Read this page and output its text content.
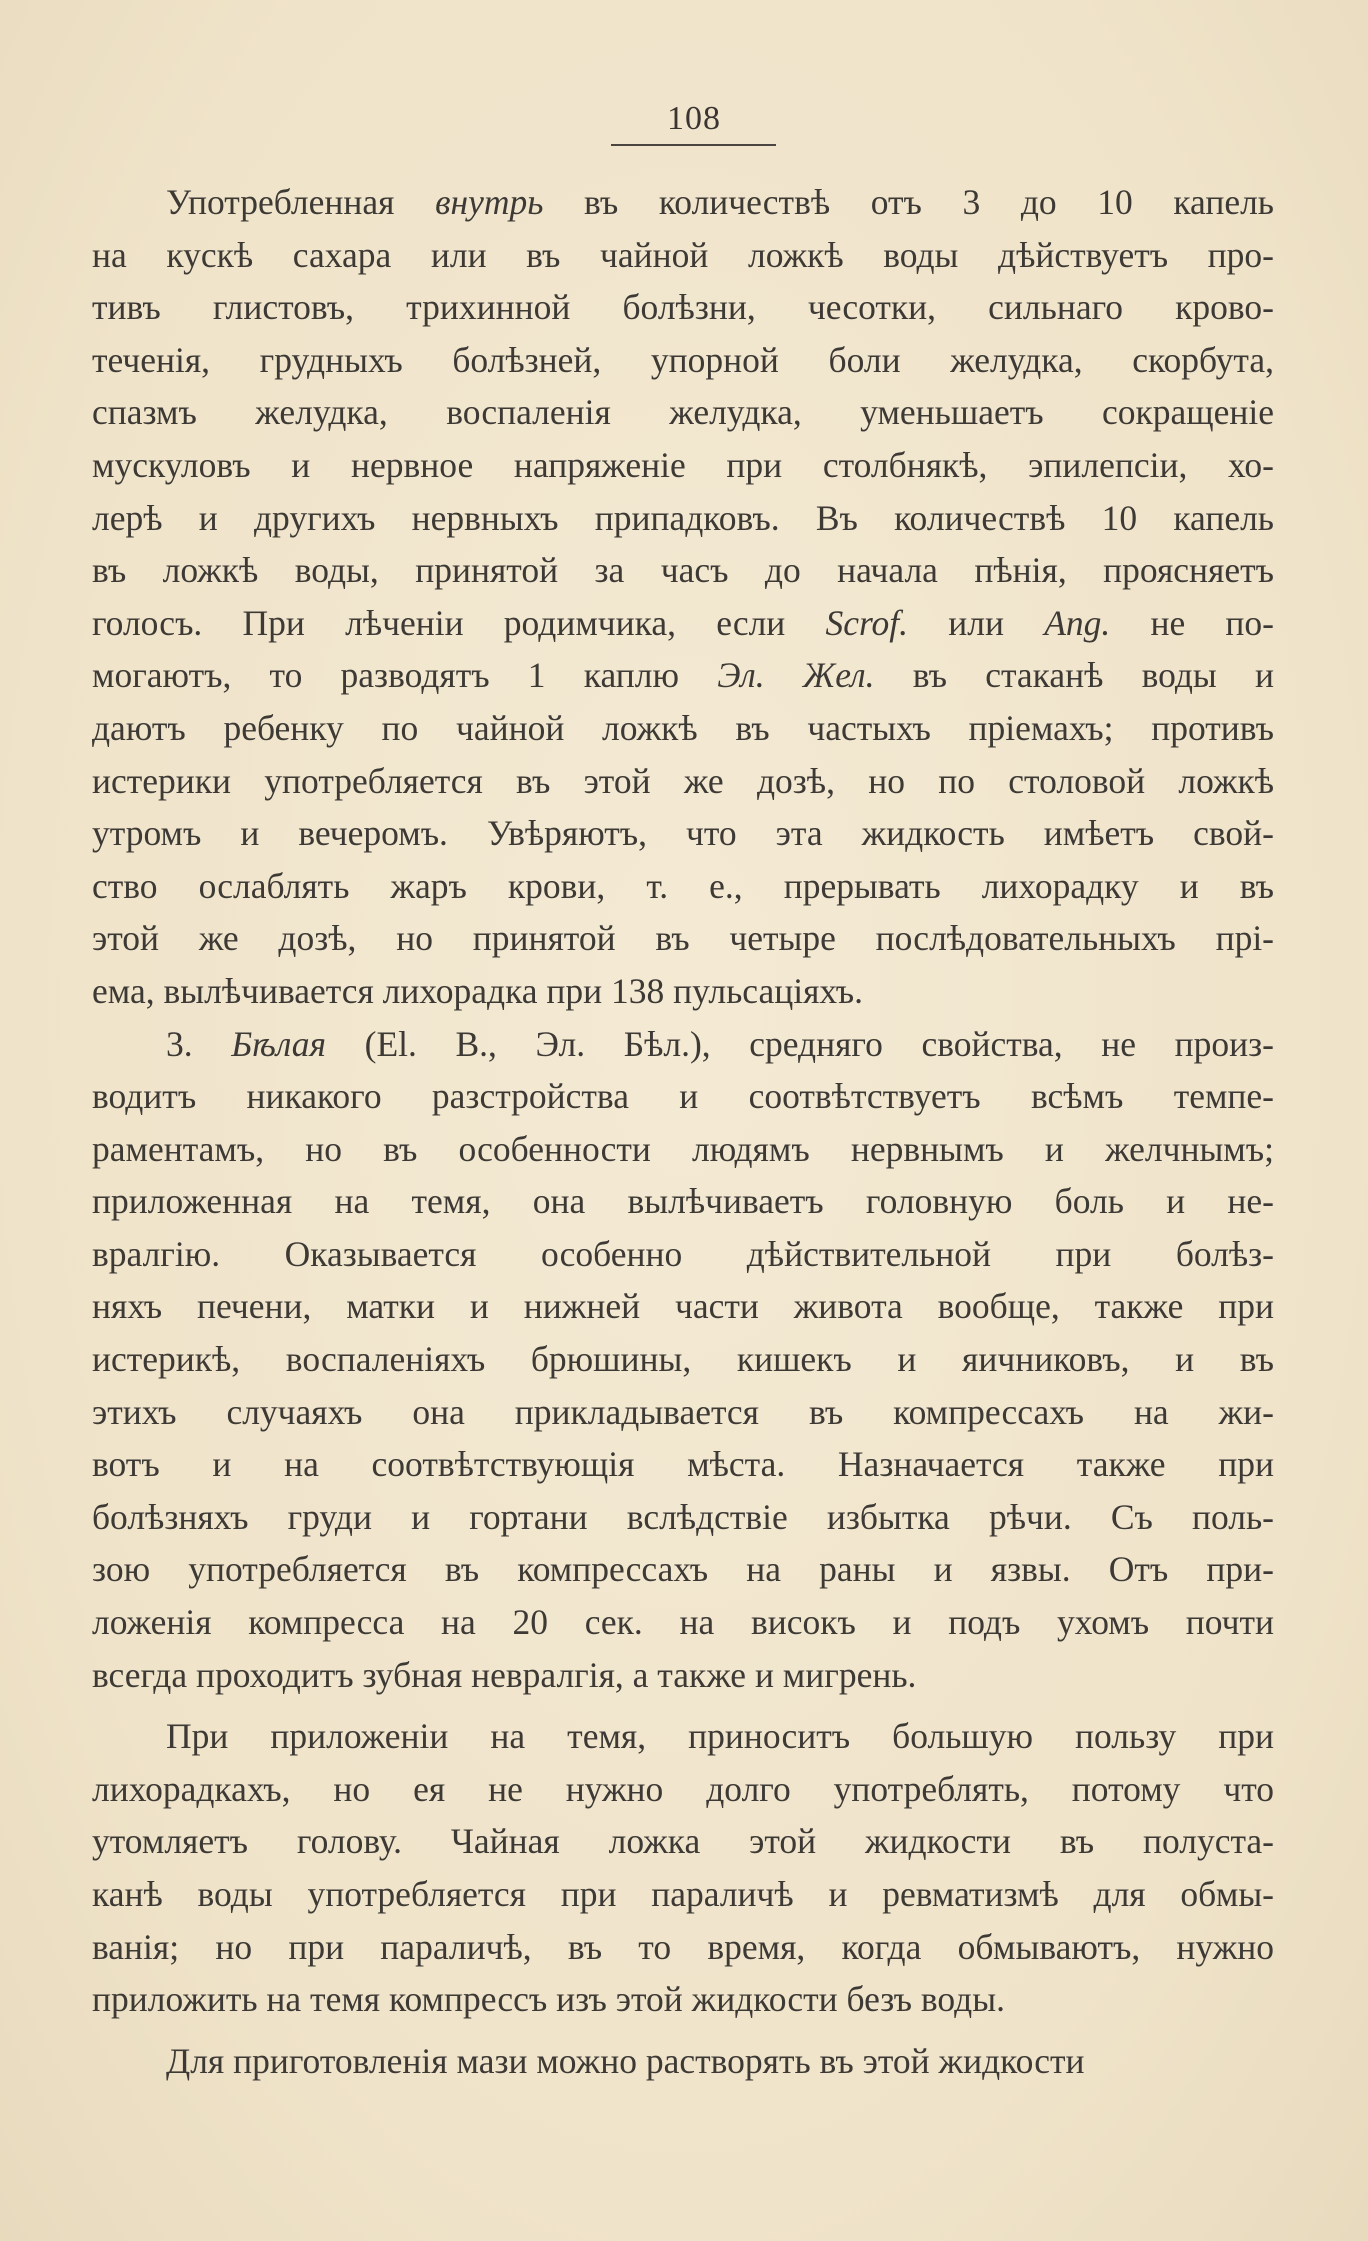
108
Употребленная внутрь въ количествѣ отъ 3 до 10 капель
на кускѣ сахара или въ чайной ложкѣ воды дѣйствуетъ про-
тивъ глистовъ, трихинной болѣзни, чесотки, сильнаго крово-
теченія, грудныхъ болѣзней, упорной боли желудка, скорбута,
спазмъ желудка, воспаленія желудка, уменьшаетъ сокращеніе
мускуловъ и нервное напряженіе при столбнякѣ, эпилепсіи, хо-
лерѣ и другихъ нервныхъ припадковъ. Въ количествѣ 10 капель
въ ложкѣ воды, принятой за часъ до начала пѣнія, проясняетъ
голосъ. При лѣченіи родимчика, если Scrof. или Ang. не по-
могаютъ, то разводятъ 1 каплю Эл. Жел. въ стаканѣ воды и
даютъ ребенку по чайной ложкѣ въ частыхъ пріемахъ; противъ
истерики употребляется въ этой же дозѣ, но по столовой ложкѣ
утромъ и вечеромъ. Увѣряютъ, что эта жидкость имѣетъ свой-
ство ослаблять жаръ крови, т. е., прерывать лихорадку и въ
этой же дозѣ, но принятой въ четыре послѣдовательныхъ прі-
ема, вылѣчивается лихорадка при 138 пульсаціяхъ.
3. Бѣлая (El. B., Эл. Бѣл.), средняго свойства, не произ-
водитъ никакого разстройства и соотвѣтствуетъ всѣмъ темпе-
раментамъ, но въ особенности людямъ нервнымъ и желчнымъ;
приложенная на темя, она вылѣчиваетъ головную боль и не-
вралгію. Оказывается особенно дѣйствительной при болѣз-
няхъ печени, матки и нижней части живота вообще, также при
истерикѣ, воспаленіяхъ брюшины, кишекъ и яичниковъ, и въ
этихъ случаяхъ она прикладывается въ компрессахъ на жи-
вотъ и на соотвѣтствующія мѣста. Назначается также при
болѣзняхъ груди и гортани вслѣдствіе избытка рѣчи. Съ поль-
зою употребляется въ компрессахъ на раны и язвы. Отъ при-
ложенія компресса на 20 сек. на високъ и подъ ухомъ почти
всегда проходитъ зубная невралгія, а также и мигрень.
При приложеніи на темя, приноситъ большую пользу при
лихорадкахъ, но ея не нужно долго употреблять, потому что
утомляетъ голову. Чайная ложка этой жидкости въ полуста-
канѣ воды употребляется при параличѣ и ревматизмѣ для обмы-
ванія; но при параличѣ, въ то время, когда обмываютъ, нужно
приложить на темя компрессъ изъ этой жидкости безъ воды.
Для приготовленія мази можно растворять въ этой жидкости
